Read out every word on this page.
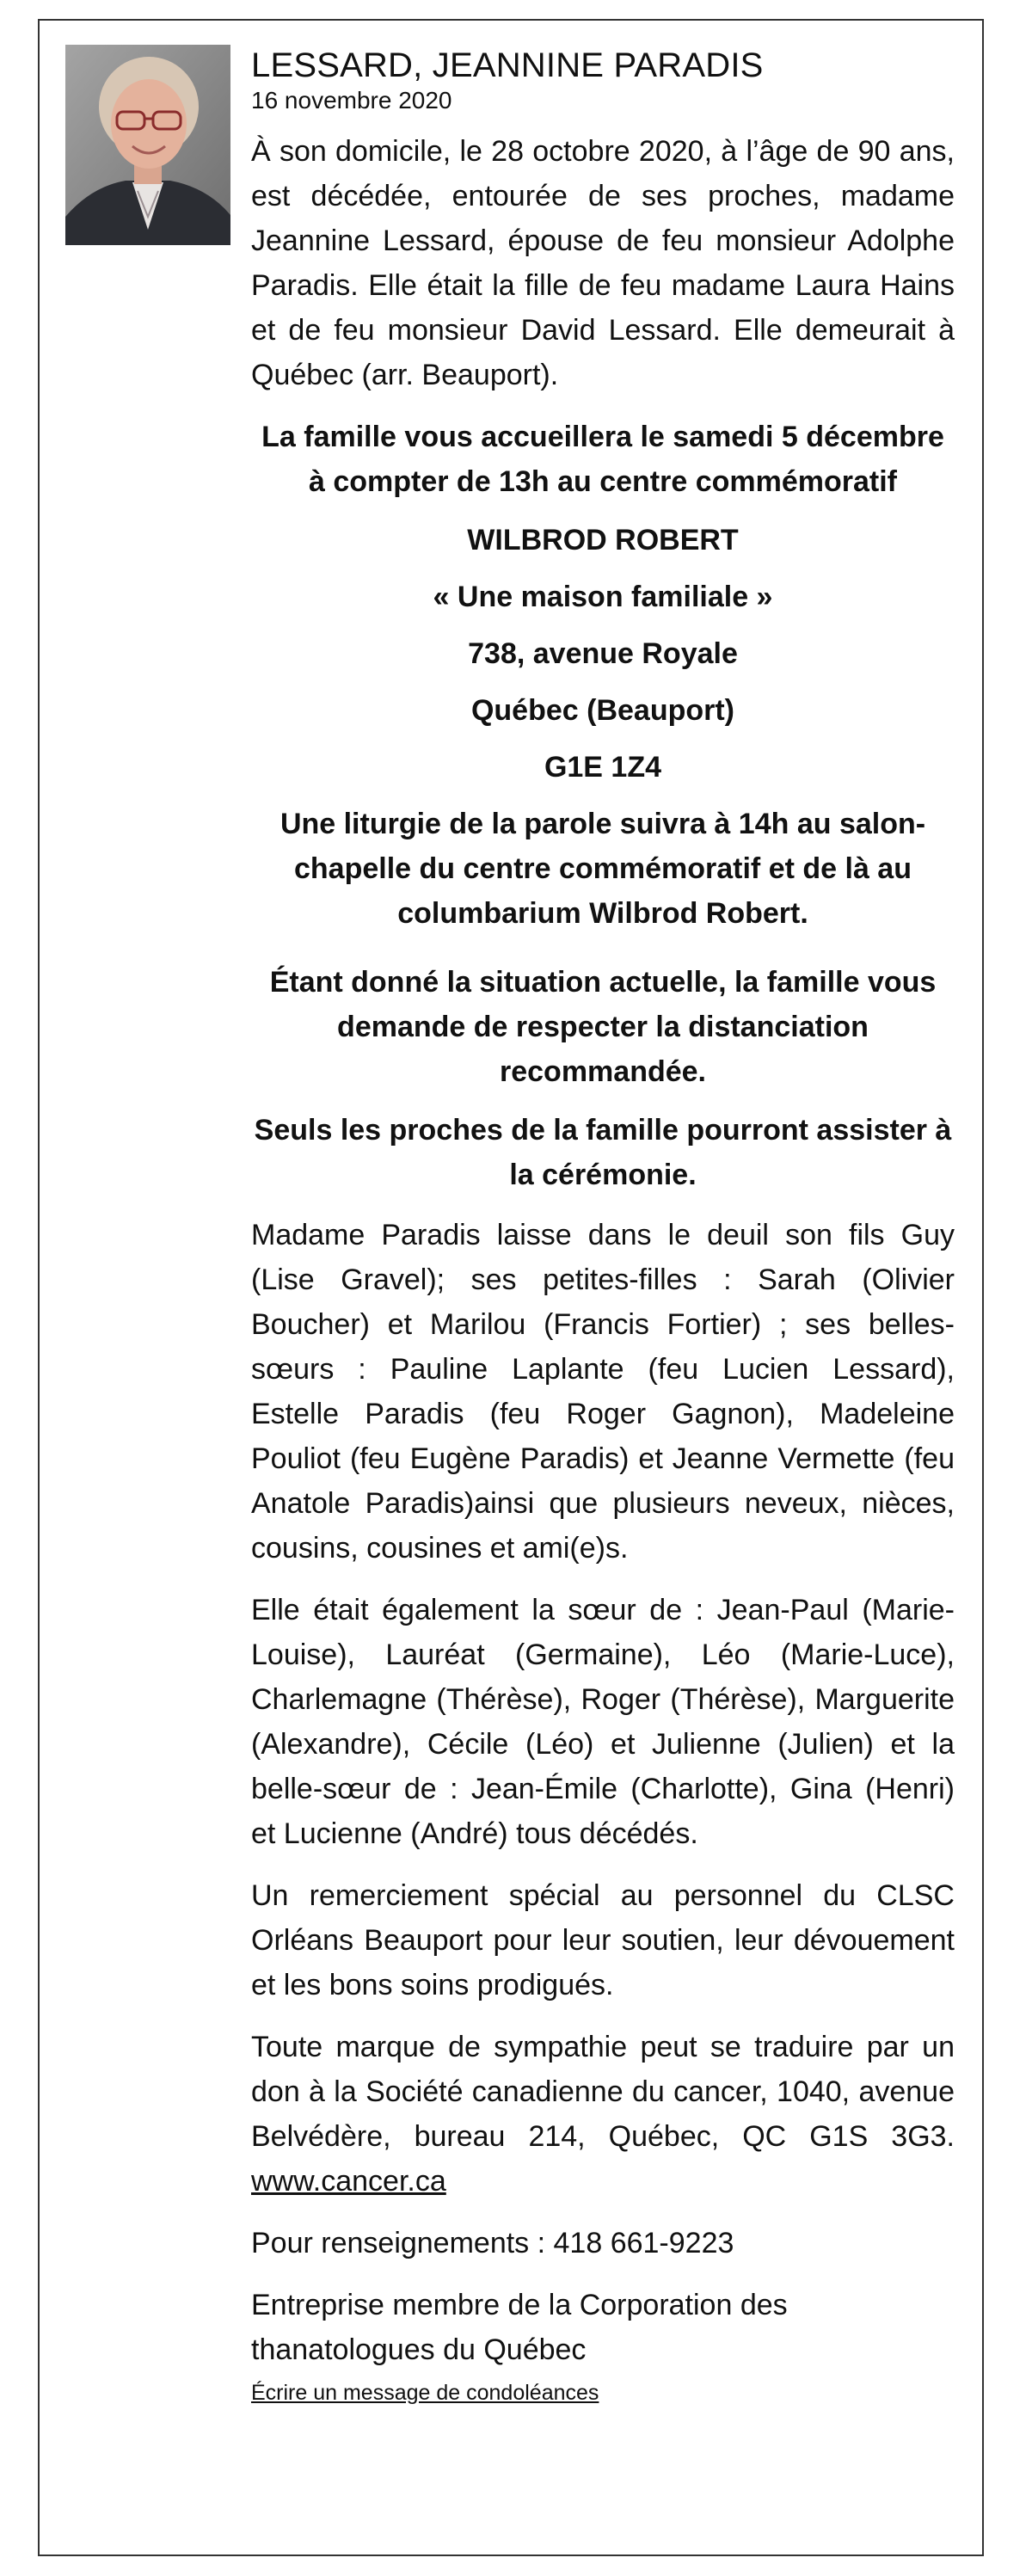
LESSARD, JEANNINE PARADIS
16 novembre 2020

À son domicile, le 28 octobre 2020, à l’âge de 90 ans, est décédée, entourée de ses proches, madame Jeannine Lessard, épouse de feu monsieur Adolphe Paradis. Elle était la fille de feu madame Laura Hains et de feu monsieur David Lessard. Elle demeurait à Québec (arr. Beauport).

La famille vous accueillera le samedi 5 décembre à compter de 13h au centre commémoratif
WILBROD ROBERT
« Une maison familiale »
738, avenue Royale
Québec (Beauport)
G1E 1Z4
Une liturgie de la parole suivra à 14h au salon-chapelle du centre commémoratif et de là au columbarium Wilbrod Robert.
Étant donné la situation actuelle, la famille vous demande de respecter la distanciation recommandée.
Seuls les proches de la famille pourront assister à la cérémonie.

Madame Paradis laisse dans le deuil son fils Guy (Lise Gravel); ses petites-filles : Sarah (Olivier Boucher) et Marilou (Francis Fortier) ; ses belles-sœurs : Pauline Laplante (feu Lucien Lessard), Estelle Paradis (feu Roger Gagnon), Madeleine Pouliot (feu Eugène Paradis) et Jeanne Vermette (feu Anatole Paradis)ainsi que plusieurs neveux, nièces, cousins, cousines et ami(e)s.

Elle était également la sœur de : Jean-Paul (Marie-Louise), Lauréat (Germaine), Léo (Marie-Luce), Charlemagne (Thérèse), Roger (Thérèse), Marguerite (Alexandre), Cécile (Léo) et Julienne (Julien) et la belle-sœur de : Jean-Émile (Charlotte), Gina (Henri) et Lucienne (André) tous décédés.

Un remerciement spécial au personnel du CLSC Orléans Beauport pour leur soutien, leur dévouement et les bons soins prodigués.

Toute marque de sympathie peut se traduire par un don à la Société canadienne du cancer, 1040, avenue Belvédère, bureau 214, Québec, QC G1S 3G3. www.cancer.ca

Pour renseignements : 418 661-9223

Entreprise membre de la Corporation des thanatologues du Québec

Écrire un message de condoléances
